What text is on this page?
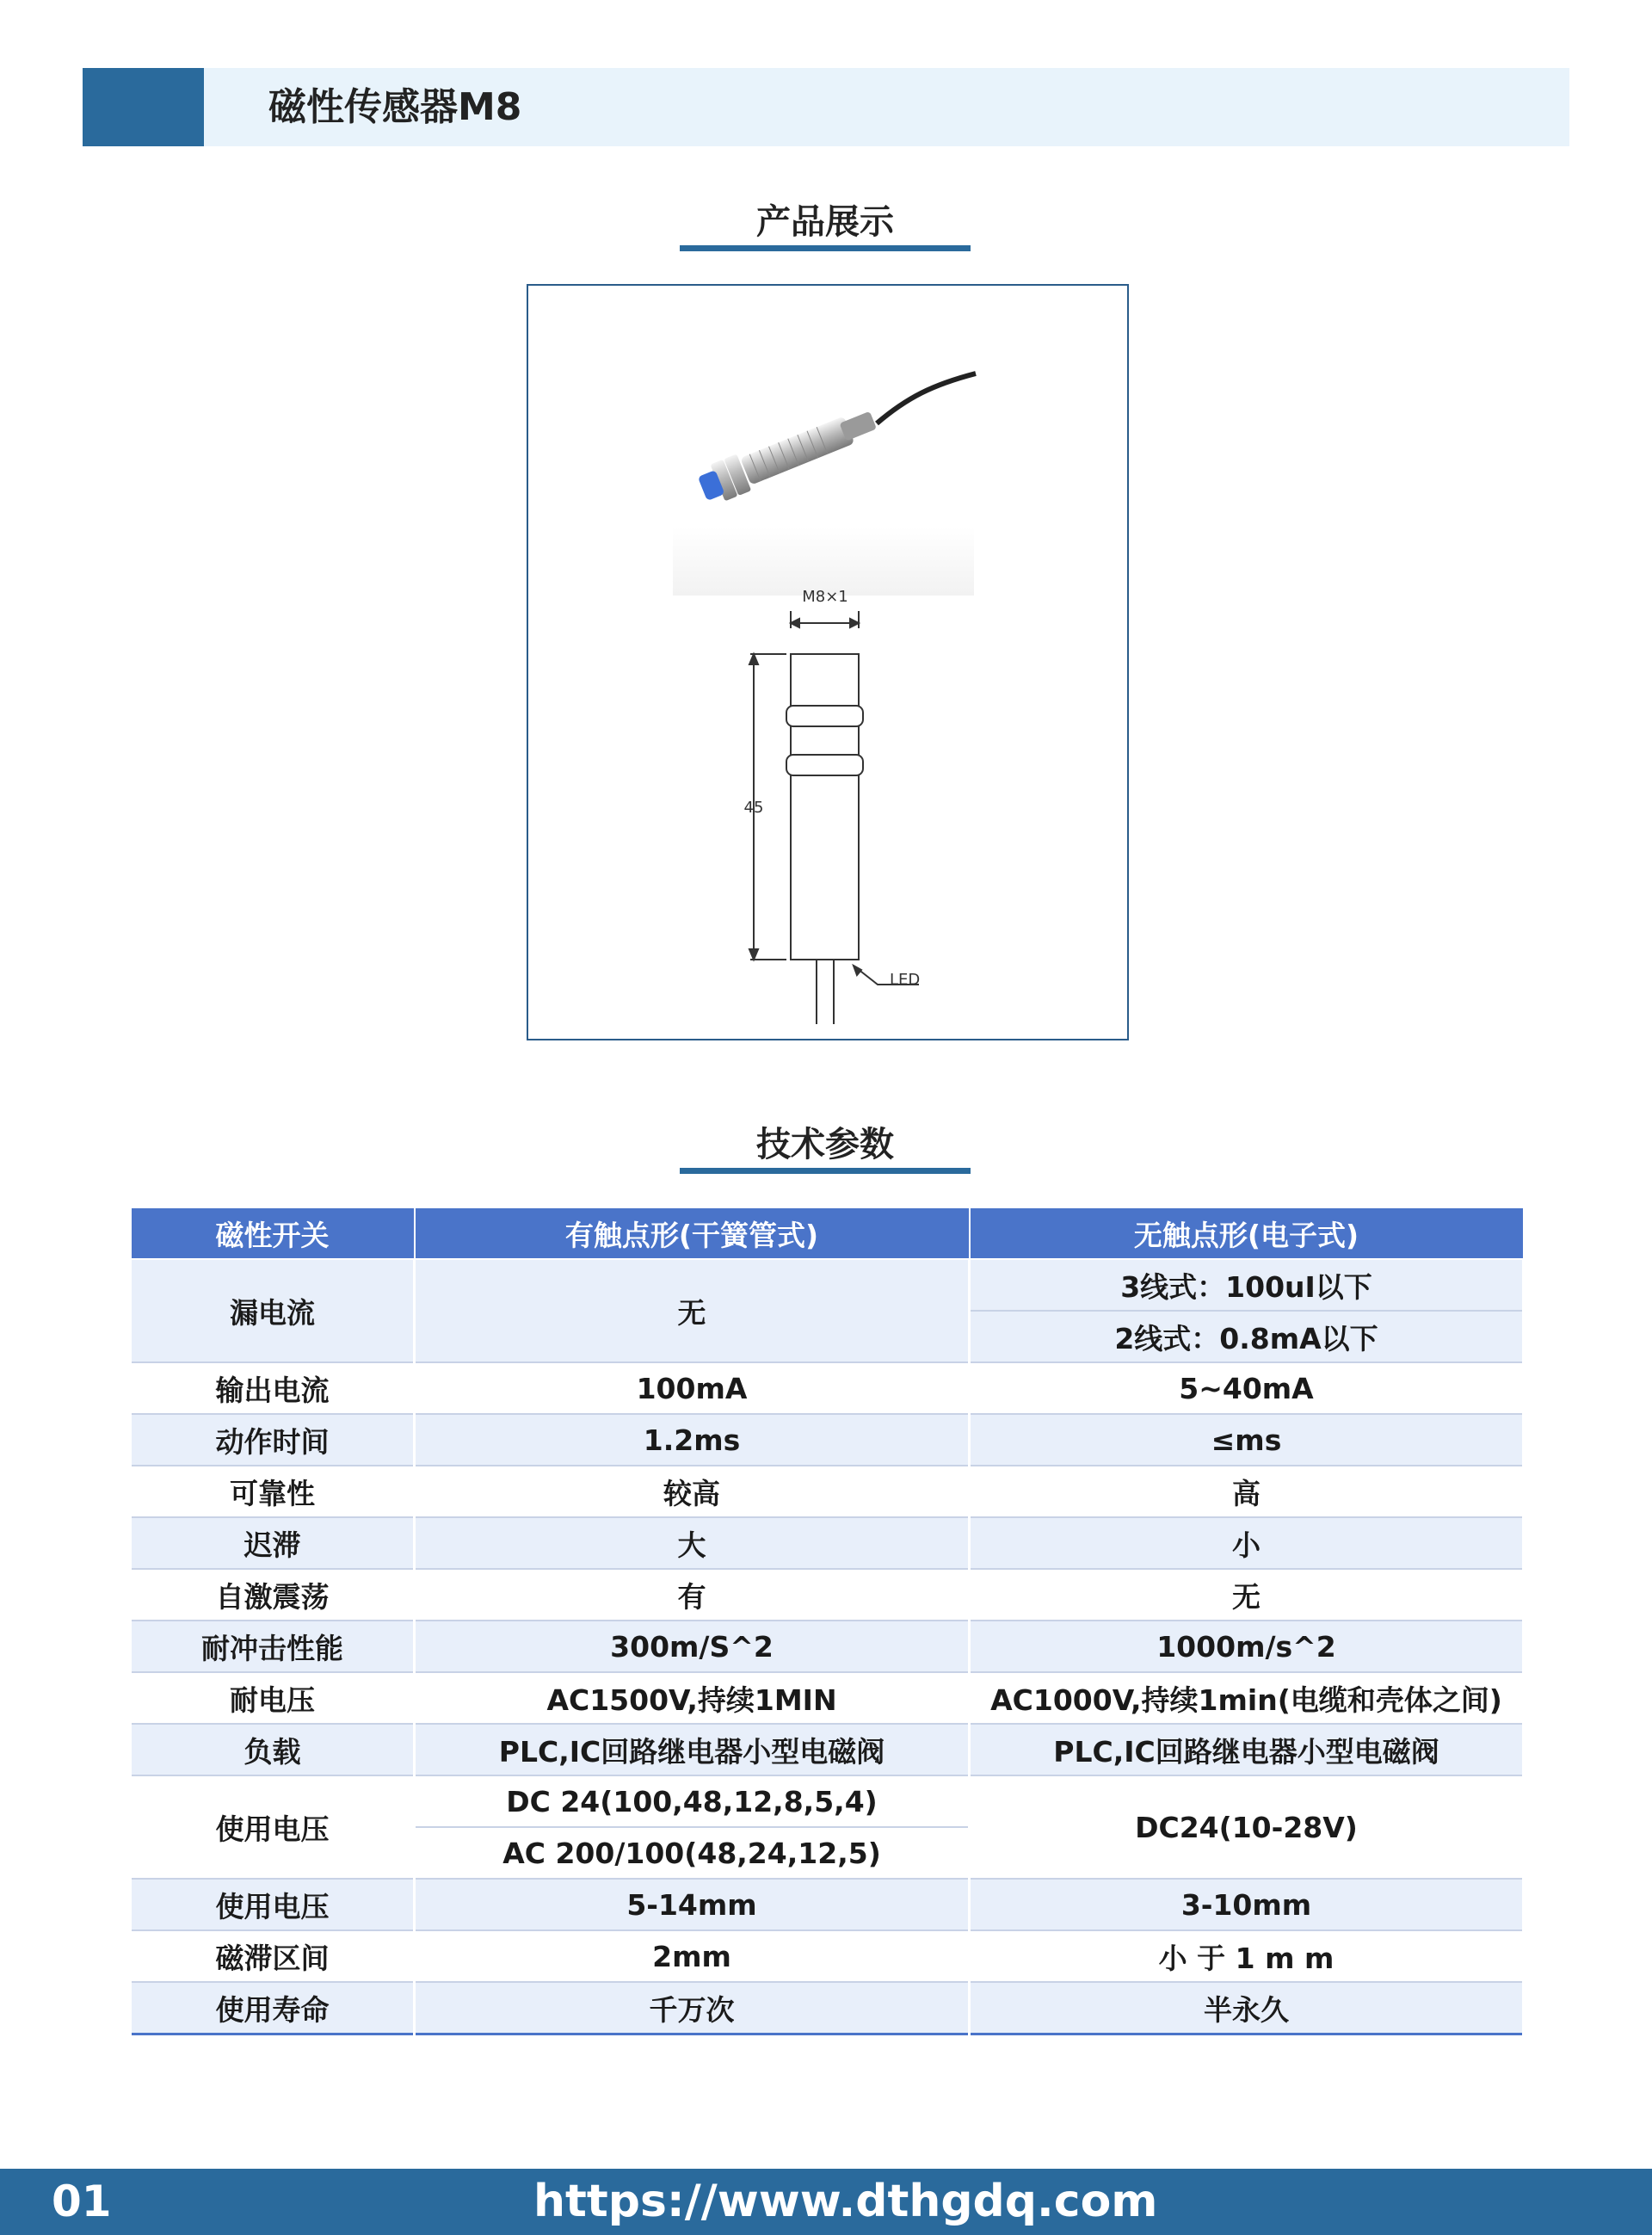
磁性传感器M8
产品展示
M8×1
45
LED
技术参数
磁性开关	有触点形(干簧管式)	无触点形(电子式)
漏电流	无	3线式：100uI以下
		2线式：0.8mA以下
输出电流	100mA	5~40mA
动作时间	1.2ms	≤ms
可靠性	较高	高
迟滞	大	小
自激震荡	有	无
耐冲击性能	300m/S^2	1000m/s^2
耐电压	AC1500V,持续1MIN	AC1000V,持续1min(电缆和壳体之间)
负载	PLC,IC回路继电器小型电磁阀	PLC,IC回路继电器小型电磁阀
使用电压	DC 24(100,48,12,8,5,4)	DC24(10-28V)
	AC 200/100(48,24,12,5)	
使用电压	5-14mm	3-10mm
磁滞区间	2mm	小 于 1 m m
使用寿命	千万次	半永久
01	https://www.dthgdq.com
